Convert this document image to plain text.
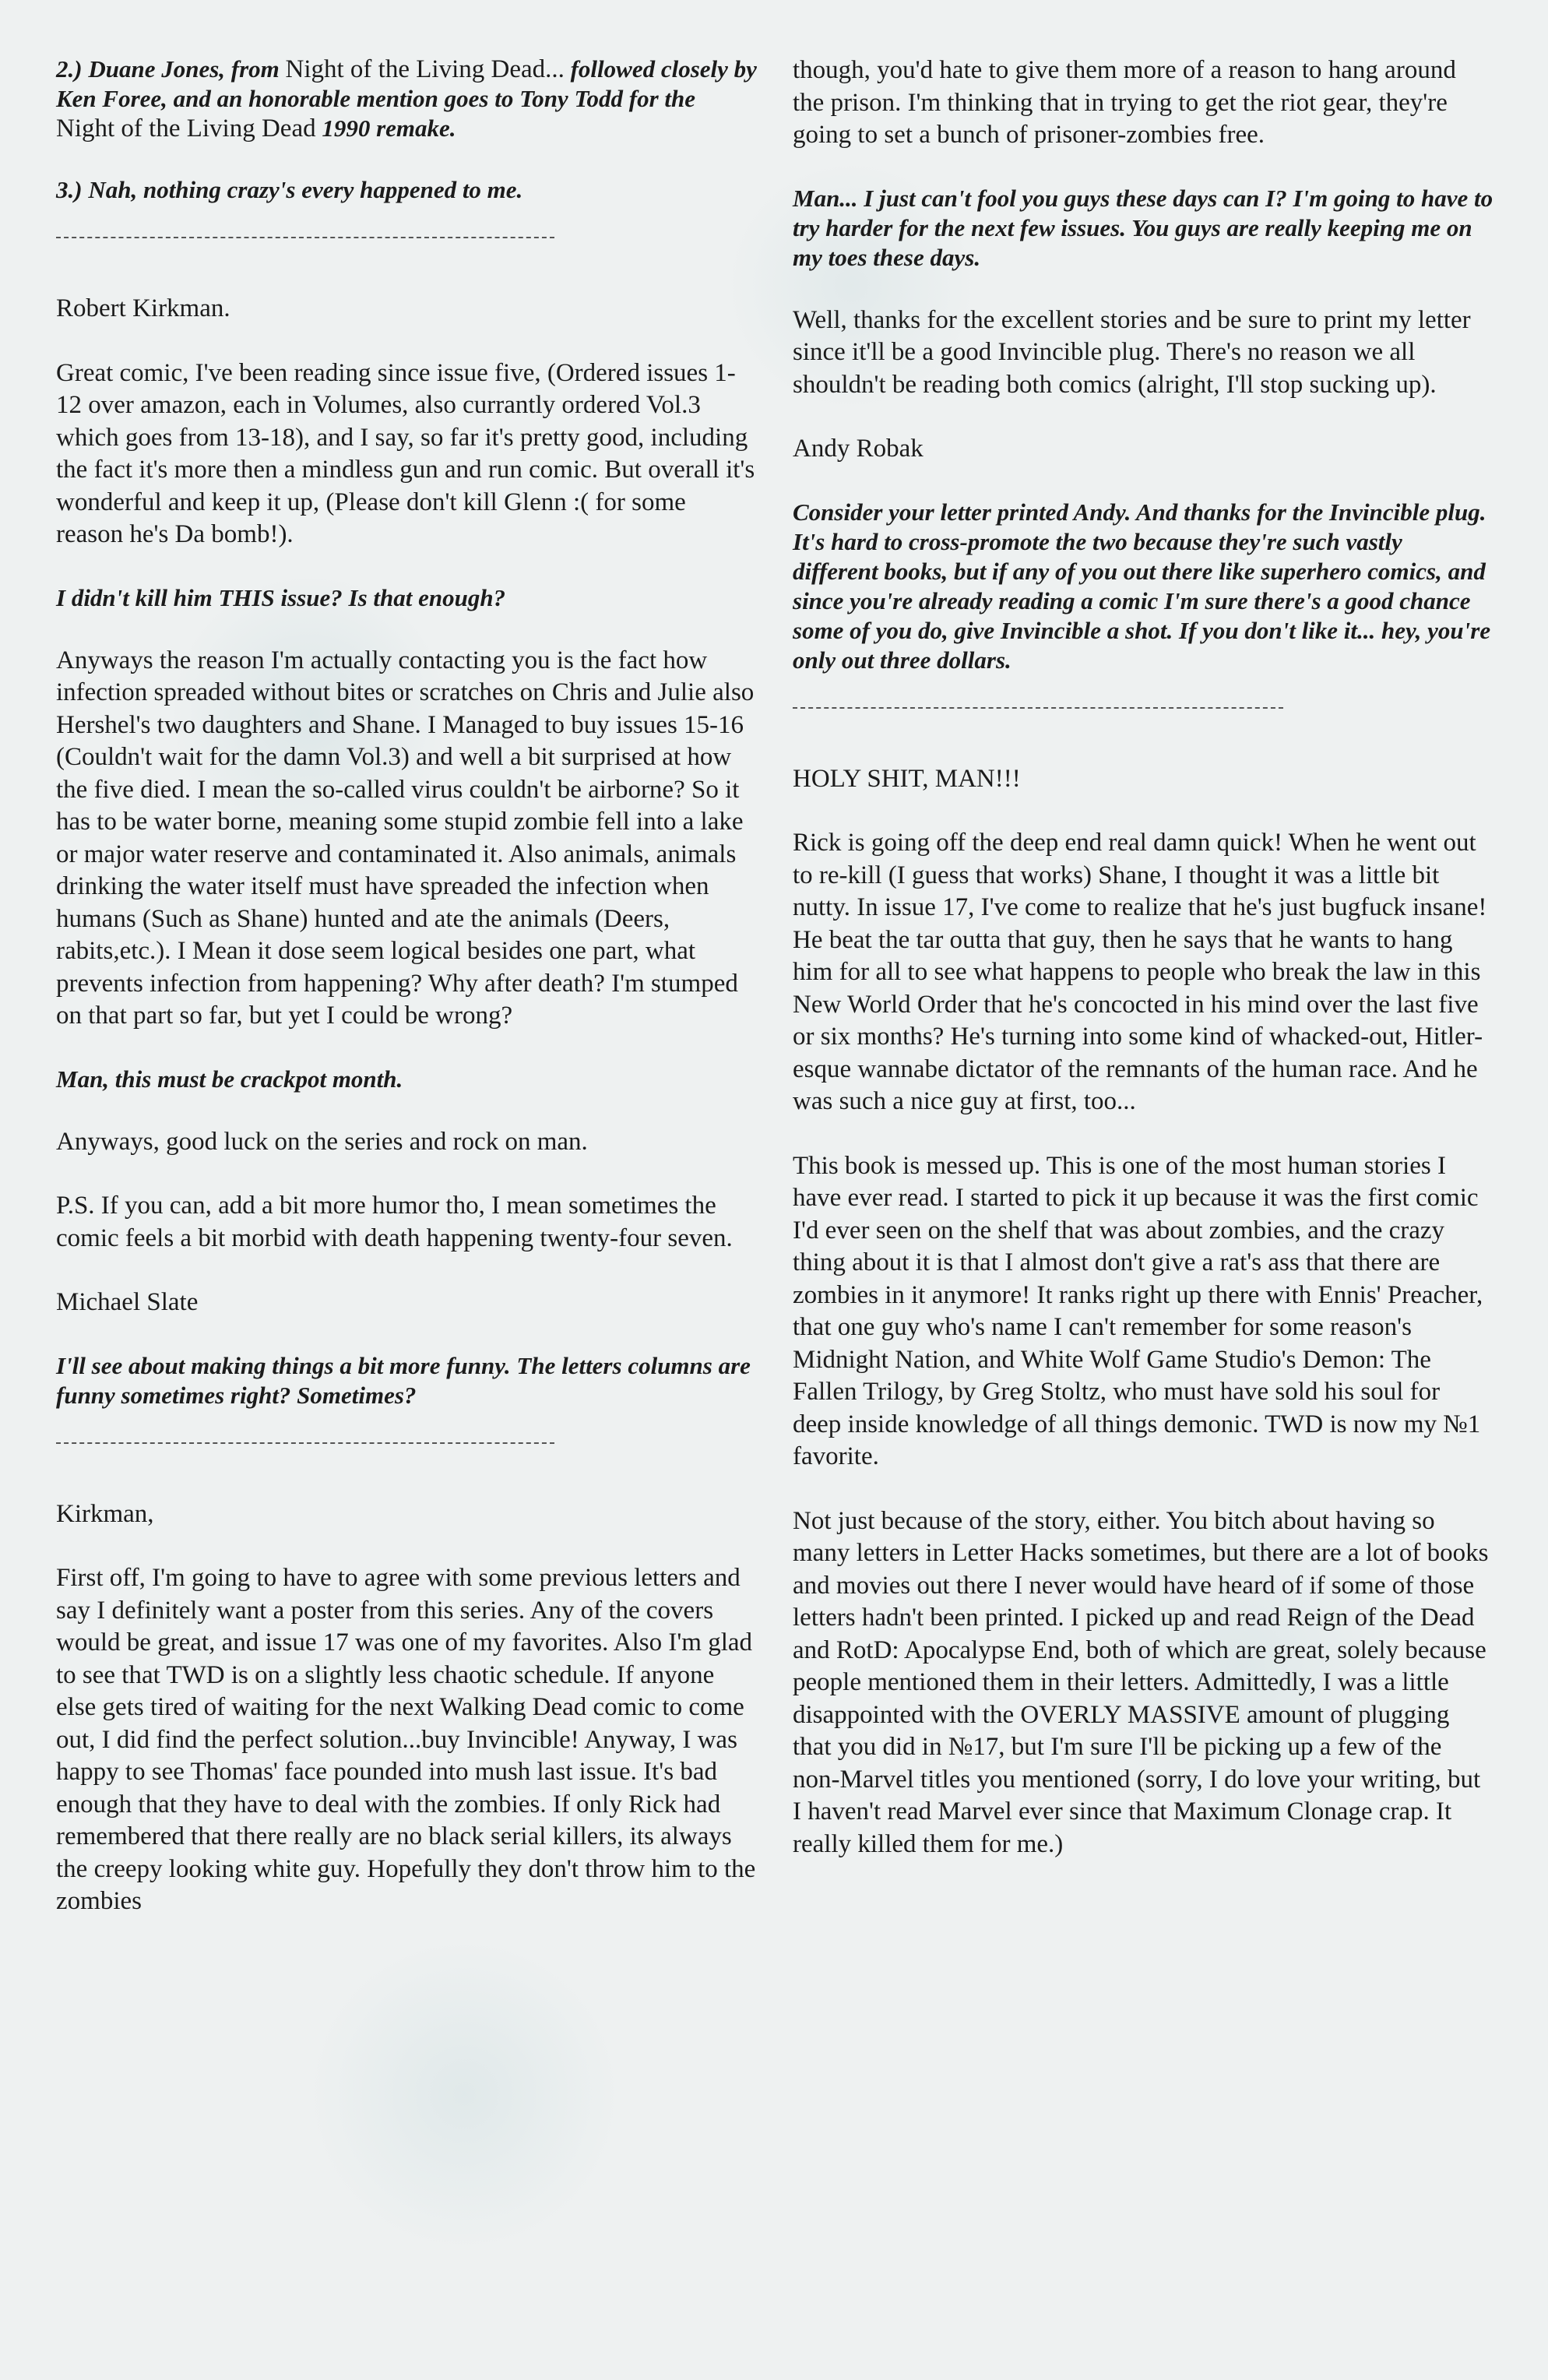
2.) Duane Jones, from Night of the Living Dead... followed closely by Ken Foree, and an honorable mention goes to Tony Todd for the Night of the Living Dead 1990 remake.

3.) Nah, nothing crazy's every happened to me.

Robert Kirkman.

Great comic, I've been reading since issue five, (Ordered issues 1-12 over amazon, each in Volumes, also currantly ordered Vol.3 which goes from 13-18), and I say, so far it's pretty good, including the fact it's more then a mindless gun and run comic. But overall it's wonderful and keep it up, (Please don't kill Glenn :( for some reason he's Da bomb!).

I didn't kill him THIS issue? Is that enough?

Anyways the reason I'm actually contacting you is the fact how infection spreaded without bites or scratches on Chris and Julie also Hershel's two daughters and Shane. I Managed to buy issues 15-16 (Couldn't wait for the damn Vol.3) and well a bit surprised at how the five died. I mean the so-called virus couldn't be airborne? So it has to be water borne, meaning some stupid zombie fell into a lake or major water reserve and contaminated it. Also animals, animals drinking the water itself must have spreaded the infection when humans (Such as Shane) hunted and ate the animals (Deers, rabits,etc.). I Mean it dose seem logical besides one part, what prevents infection from happening? Why after death? I'm stumped on that part so far, but yet I could be wrong?

Man, this must be crackpot month.

Anyways, good luck on the series and rock on man.

P.S. If you can, add a bit more humor tho, I mean sometimes the comic feels a bit morbid with death happening twenty-four seven.

Michael Slate

I'll see about making things a bit more funny. The letters columns are funny sometimes right? Sometimes?

Kirkman,

First off, I'm going to have to agree with some previous letters and say I definitely want a poster from this series. Any of the covers would be great, and issue 17 was one of my favorites. Also I'm glad to see that TWD is on a slightly less chaotic schedule. If anyone else gets tired of waiting for the next Walking Dead comic to come out, I did find the perfect solution...buy Invincible! Anyway, I was happy to see Thomas' face pounded into mush last issue. It's bad enough that they have to deal with the zombies. If only Rick had remembered that there really are no black serial killers, its always the creepy looking white guy. Hopefully they don't throw him to the zombies

though, you'd hate to give them more of a reason to hang around the prison. I'm thinking that in trying to get the riot gear, they're going to set a bunch of prisoner-zombies free.

Man... I just can't fool you guys these days can I? I'm going to have to try harder for the next few issues. You guys are really keeping me on my toes these days.

Well, thanks for the excellent stories and be sure to print my letter since it'll be a good Invincible plug. There's no reason we all shouldn't be reading both comics (alright, I'll stop sucking up).

Andy Robak

Consider your letter printed Andy. And thanks for the Invincible plug. It's hard to cross-promote the two because they're such vastly different books, but if any of you out there like superhero comics, and since you're already reading a comic I'm sure there's a good chance some of you do, give Invincible a shot. If you don't like it... hey, you're only out three dollars.

HOLY SHIT, MAN!!!

Rick is going off the deep end real damn quick! When he went out to re-kill (I guess that works) Shane, I thought it was a little bit nutty. In issue 17, I've come to realize that he's just bugfuck insane! He beat the tar outta that guy, then he says that he wants to hang him for all to see what happens to people who break the law in this New World Order that he's concocted in his mind over the last five or six months? He's turning into some kind of whacked-out, Hitler-esque wannabe dictator of the remnants of the human race. And he was such a nice guy at first, too...

This book is messed up. This is one of the most human stories I have ever read. I started to pick it up because it was the first comic I'd ever seen on the shelf that was about zombies, and the crazy thing about it is that I almost don't give a rat's ass that there are zombies in it anymore! It ranks right up there with Ennis' Preacher, that one guy who's name I can't remember for some reason's Midnight Nation, and White Wolf Game Studio's Demon: The Fallen Trilogy, by Greg Stoltz, who must have sold his soul for deep inside knowledge of all things demonic. TWD is now my №1 favorite.

Not just because of the story, either. You bitch about having so many letters in Letter Hacks sometimes, but there are a lot of books and movies out there I never would have heard of if some of those letters hadn't been printed. I picked up and read Reign of the Dead and RotD: Apocalypse End, both of which are great, solely because people mentioned them in their letters. Admittedly, I was a little disappointed with the OVERLY MASSIVE amount of plugging that you did in №17, but I'm sure I'll be picking up a few of the non-Marvel titles you mentioned (sorry, I do love your writing, but I haven't read Marvel ever since that Maximum Clonage crap. It really killed them for me.)
